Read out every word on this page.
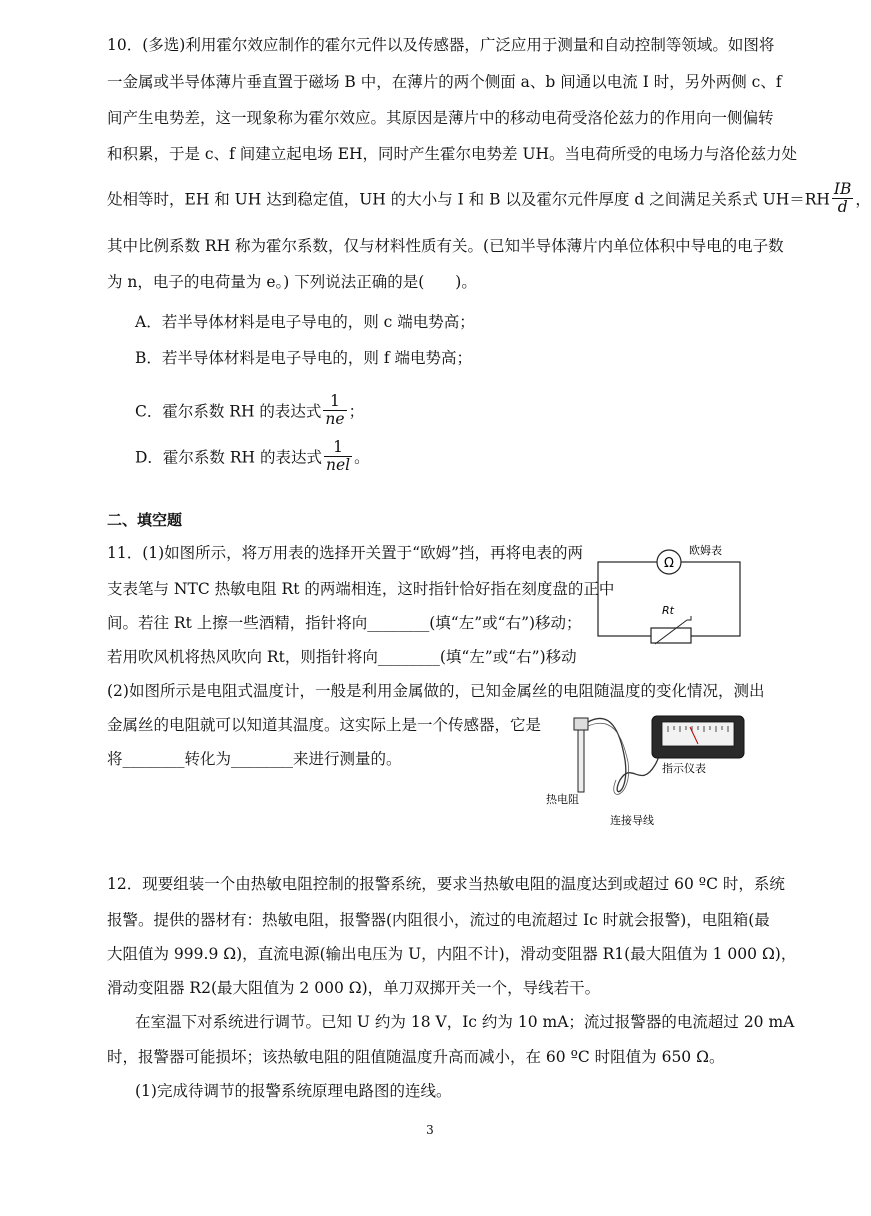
10．(多选)利用霍尔效应制作的霍尔元件以及传感器，广泛应用于测量和自动控制等领域。如图将
一金属或半导体薄片垂直置于磁场 B 中，在薄片的两个侧面 a、b 间通以电流 I 时，另外两侧 c、f
间产生电势差，这一现象称为霍尔效应。其原因是薄片中的移动电荷受洛伦兹力的作用向一侧偏转
和积累，于是 c、f 间建立起电场 EH，同时产生霍尔电势差 UH。当电荷所受的电场力与洛伦兹力处
处相等时，EH 和 UH 达到稳定值，UH 的大小与 I 和 B 以及霍尔元件厚度 d 之间满足关系式 $UH=RH \frac{IB}{d}$ ，
其中比例系数 RH 称为霍尔系数，仅与材料性质有关。(已知半导体薄片内单位体积中导电的电子数
为 n，电子的电荷量为 e。) 下列说法正确的是(　　)。
A．若半导体材料是电子导电的，则 c 端电势高；
B．若半导体材料是电子导电的，则 f 端电势高；
C．霍尔系数 RH 的表达式 $\frac{1}{ne}$ ；
D．霍尔系数 RH 的表达式 $\frac{1}{\text{nel}}$ 。
二、填空题
11．(1)如图所示，将万用表的选择开关置于“欧姆”挡，再将电表的两
支表笔与 NTC 热敏电阻 Rt 的两端相连，这时指针恰好指在刻度盘的正中
间。若往 Rt 上擦一些酒精，指针将向________(填“左”或“右”)移动；
若用吹风机将热风吹向 Rt，则指针将向________(填“左”或“右”)移动
(2)如图所示是电阻式温度计，一般是利用金属做的，已知金属丝的电阻随温度的变化情况，测出
金属丝的电阻就可以知道其温度。这实际上是一个传感器，它是
将________转化为________来进行测量的。
Ω
欧姆表
Rt
指示仪表
热电阻
连接导线
12．现要组装一个由热敏电阻控制的报警系统，要求当热敏电阻的温度达到或超过 60 ºC 时，系统
报警。提供的器材有：热敏电阻，报警器(内阻很小，流过的电流超过 Ic 时就会报警)，电阻箱(最
大阻值为 999.9 Ω)，直流电源(输出电压为 U，内阻不计)，滑动变阻器 R1(最大阻值为 1 000 Ω)，
滑动变阻器 R2(最大阻值为 2 000 Ω)，单刀双掷开关一个，导线若干。
在室温下对系统进行调节。已知 U 约为 18 V，Ic 约为 10 mA；流过报警器的电流超过 20 mA
时，报警器可能损坏；该热敏电阻的阻值随温度升高而减小，在 60 ºC 时阻值为 650 Ω。
(1)完成待调节的报警系统原理电路图的连线。
3
